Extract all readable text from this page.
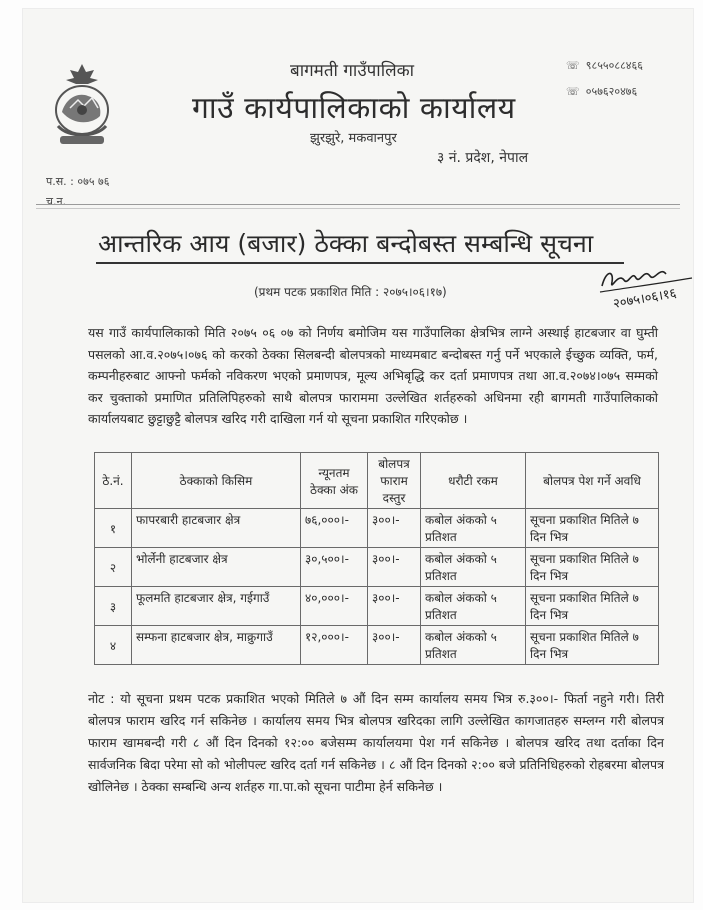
बागमती गाउँपालिका
गाउँ कार्यपालिकाको कार्यालय
झुरझुरे, मकवानपुर
३ नं. प्रदेश, नेपाल
☏ ९८५५०८८४६६
☏ ०५७६२०४७६
प.स. : ०७५ ७६
च.न.
आन्तरिक आय (बजार) ठेक्का बन्दोबस्त सम्बन्धि सूचना
२०७५।०६।१६
(प्रथम पटक प्रकाशित मिति : २०७५।०६।१७)
यस गाउँ कार्यपालिकाको मिति २०७५ ०६ ०७ को निर्णय बमोजिम यस गाउँपालिका क्षेत्रभित्र लाग्ने अस्थाई हाटबजार वा घुम्ती पसलको आ.व.२०७५।०७६ को करको ठेक्का सिलबन्दी बोलपत्रको माध्यमबाट बन्दोबस्त गर्नु पर्ने भएकाले ईच्छुक व्यक्ति, फर्म, कम्पनीहरुबाट आफ्नो फर्मको नविकरण भएको प्रमाणपत्र, मूल्य अभिबृद्धि कर दर्ता प्रमाणपत्र तथा आ.व.२०७४।०७५ सम्मको कर चुक्ताको प्रमाणित प्रतिलिपिहरुको साथै बोलपत्र फाराममा उल्लेखित शर्तहरुको अधिनमा रही बागमती गाउँपालिकाको कार्यालयबाट छुट्टाछुट्टै बोलपत्र खरिद गरी दाखिला गर्न यो सूचना प्रकाशित गरिएकोछ ।
ठे.नं.	ठेक्काको किसिम	न्यूनतम ठेक्का अंक	बोलपत्र फाराम दस्तुर	धरौटी रकम	बोलपत्र पेश गर्ने अवधि
१	फापरबारी हाटबजार क्षेत्र	७६,०००।-	३००।-	कबोल अंकको ५ प्रतिशत	सूचना प्रकाशित मितिले ७ दिन भित्र
२	भोर्लेनी हाटबजार क्षेत्र	३०,५००।-	३००।-	कबोल अंकको ५ प्रतिशत	सूचना प्रकाशित मितिले ७ दिन भित्र
३	फूलमति हाटबजार क्षेत्र, गईगाउँ	४०,०००।-	३००।-	कबोल अंकको ५ प्रतिशत	सूचना प्रकाशित मितिले ७ दिन भित्र
४	सम्फना हाटबजार क्षेत्र, माक्रुगाउँ	१२,०००।-	३००।-	कबोल अंकको ५ प्रतिशत	सूचना प्रकाशित मितिले ७ दिन भित्र
नोट : यो सूचना प्रथम पटक प्रकाशित भएको मितिले ७ औं दिन सम्म कार्यालय समय भित्र रु.३००।- फिर्ता नहुने गरी। तिरी बोलपत्र फाराम खरिद गर्न सकिनेछ । कार्यालय समय भित्र बोलपत्र खरिदका लागि उल्लेखित कागजातहरु सम्लग्न गरी बोलपत्र फाराम खामबन्दी गरी ८ औं दिन दिनको १२:०० बजेसम्म कार्यालयमा पेश गर्न सकिनेछ । बोलपत्र खरिद तथा दर्ताका दिन सार्वजनिक बिदा परेमा सो को भोलीपल्ट खरिद दर्ता गर्न सकिनेछ । ८ औं दिन दिनको २:०० बजे प्रतिनिधिहरुको रोहबरमा बोलपत्र खोलिनेछ । ठेक्का सम्बन्धि अन्य शर्तहरु गा.पा.को सूचना पाटीमा हेर्न सकिनेछ ।
